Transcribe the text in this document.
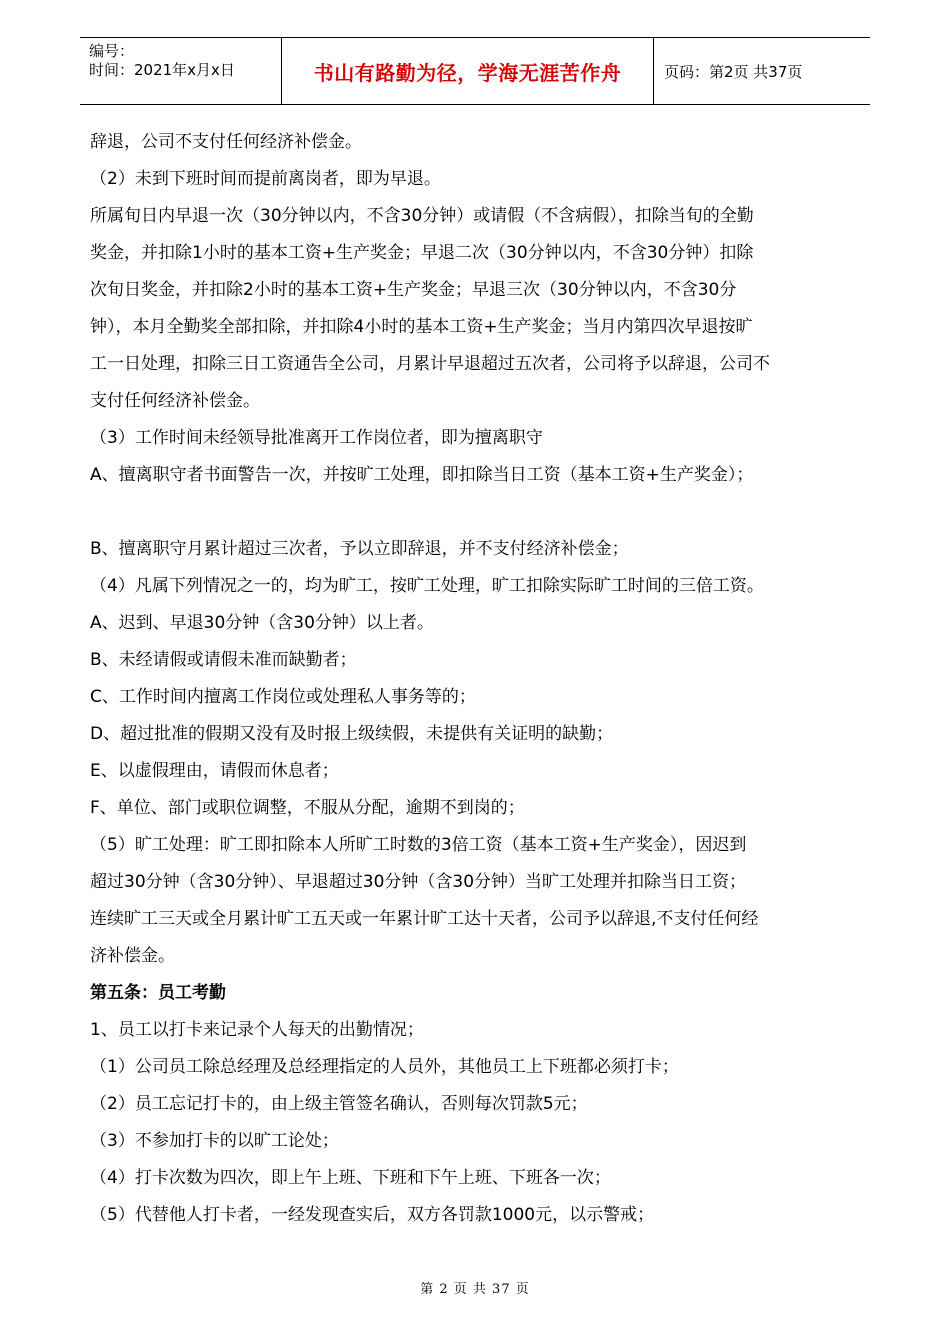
编号：
时间：2021年x月x日	书山有路勤为径，学海无涯苦作舟	页码：第2页 共37页
辞退，公司不支付任何经济补偿金。
（2）未到下班时间而提前离岗者，即为早退。
所属旬日内早退一次（30分钟以内，不含30分钟）或请假（不含病假），扣除当旬的全勤
奖金，并扣除1小时的基本工资+生产奖金；早退二次（30分钟以内，不含30分钟）扣除
次旬日奖金，并扣除2小时的基本工资+生产奖金；早退三次（30分钟以内，不含30分
钟），本月全勤奖全部扣除，并扣除4小时的基本工资+生产奖金；当月内第四次早退按旷
工一日处理，扣除三日工资通告全公司，月累计早退超过五次者，公司将予以辞退，公司不
支付任何经济补偿金。
（3）工作时间未经领导批准离开工作岗位者，即为擅离职守
A、擅离职守者书面警告一次，并按旷工处理，即扣除当日工资（基本工资+生产奖金）；
B、擅离职守月累计超过三次者，予以立即辞退，并不支付经济补偿金；
（4）凡属下列情况之一的，均为旷工，按旷工处理，旷工扣除实际旷工时间的三倍工资。
A、迟到、早退30分钟（含30分钟）以上者。
B、未经请假或请假未准而缺勤者；
C、工作时间内擅离工作岗位或处理私人事务等的；
D、超过批准的假期又没有及时报上级续假，未提供有关证明的缺勤；
E、以虚假理由，请假而休息者；
F、单位、部门或职位调整，不服从分配，逾期不到岗的；
（5）旷工处理：旷工即扣除本人所旷工时数的3倍工资（基本工资+生产奖金），因迟到
超过30分钟（含30分钟）、早退超过30分钟（含30分钟）当旷工处理并扣除当日工资；
连续旷工三天或全月累计旷工五天或一年累计旷工达十天者，公司予以辞退,不支付任何经
济补偿金。
第五条：员工考勤
1、员工以打卡来记录个人每天的出勤情况；
（1）公司员工除总经理及总经理指定的人员外，其他员工上下班都必须打卡；
（2）员工忘记打卡的，由上级主管签名确认，否则每次罚款5元；
（3）不参加打卡的以旷工论处；
（4）打卡次数为四次，即上午上班、下班和下午上班、下班各一次；
（5）代替他人打卡者，一经发现查实后，双方各罚款1000元，以示警戒；
第 2 页 共 37 页
